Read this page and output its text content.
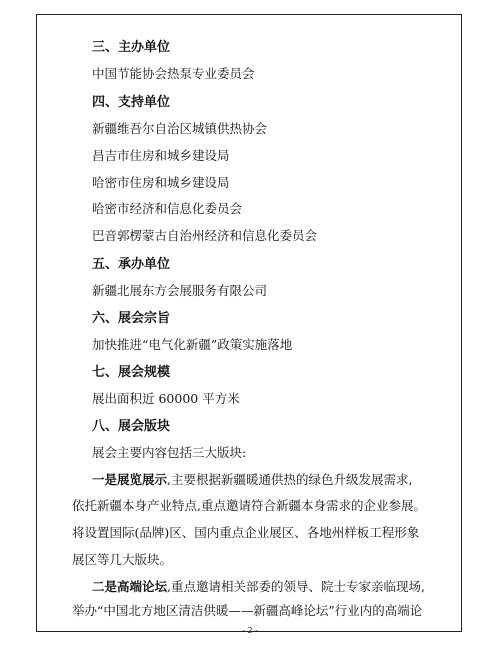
三、主办单位
中国节能协会热泵专业委员会
四、支持单位
新疆维吾尔自治区城镇供热协会
昌吉市住房和城乡建设局
哈密市住房和城乡建设局
哈密市经济和信息化委员会
巴音郭楞蒙古自治州经济和信息化委员会
五、承办单位
新疆北展东方会展服务有限公司
六、展会宗旨
加快推进“电气化新疆”政策实施落地
七、展会规模
展出面积近 60000 平方米
八、展会版块
展会主要内容包括三大版块:
一是展览展示,主要根据新疆暖通供热的绿色升级发展需求,
依托新疆本身产业特点,重点邀请符合新疆本身需求的企业参展。
将设置国际(品牌)区、国内重点企业展区、各地州样板工程形象
展区等几大版块。
二是高端论坛,重点邀请相关部委的领导、院士专家亲临现场,
举办“中国北方地区清洁供暖——新疆高峰论坛”行业内的高端论
- 2 -
